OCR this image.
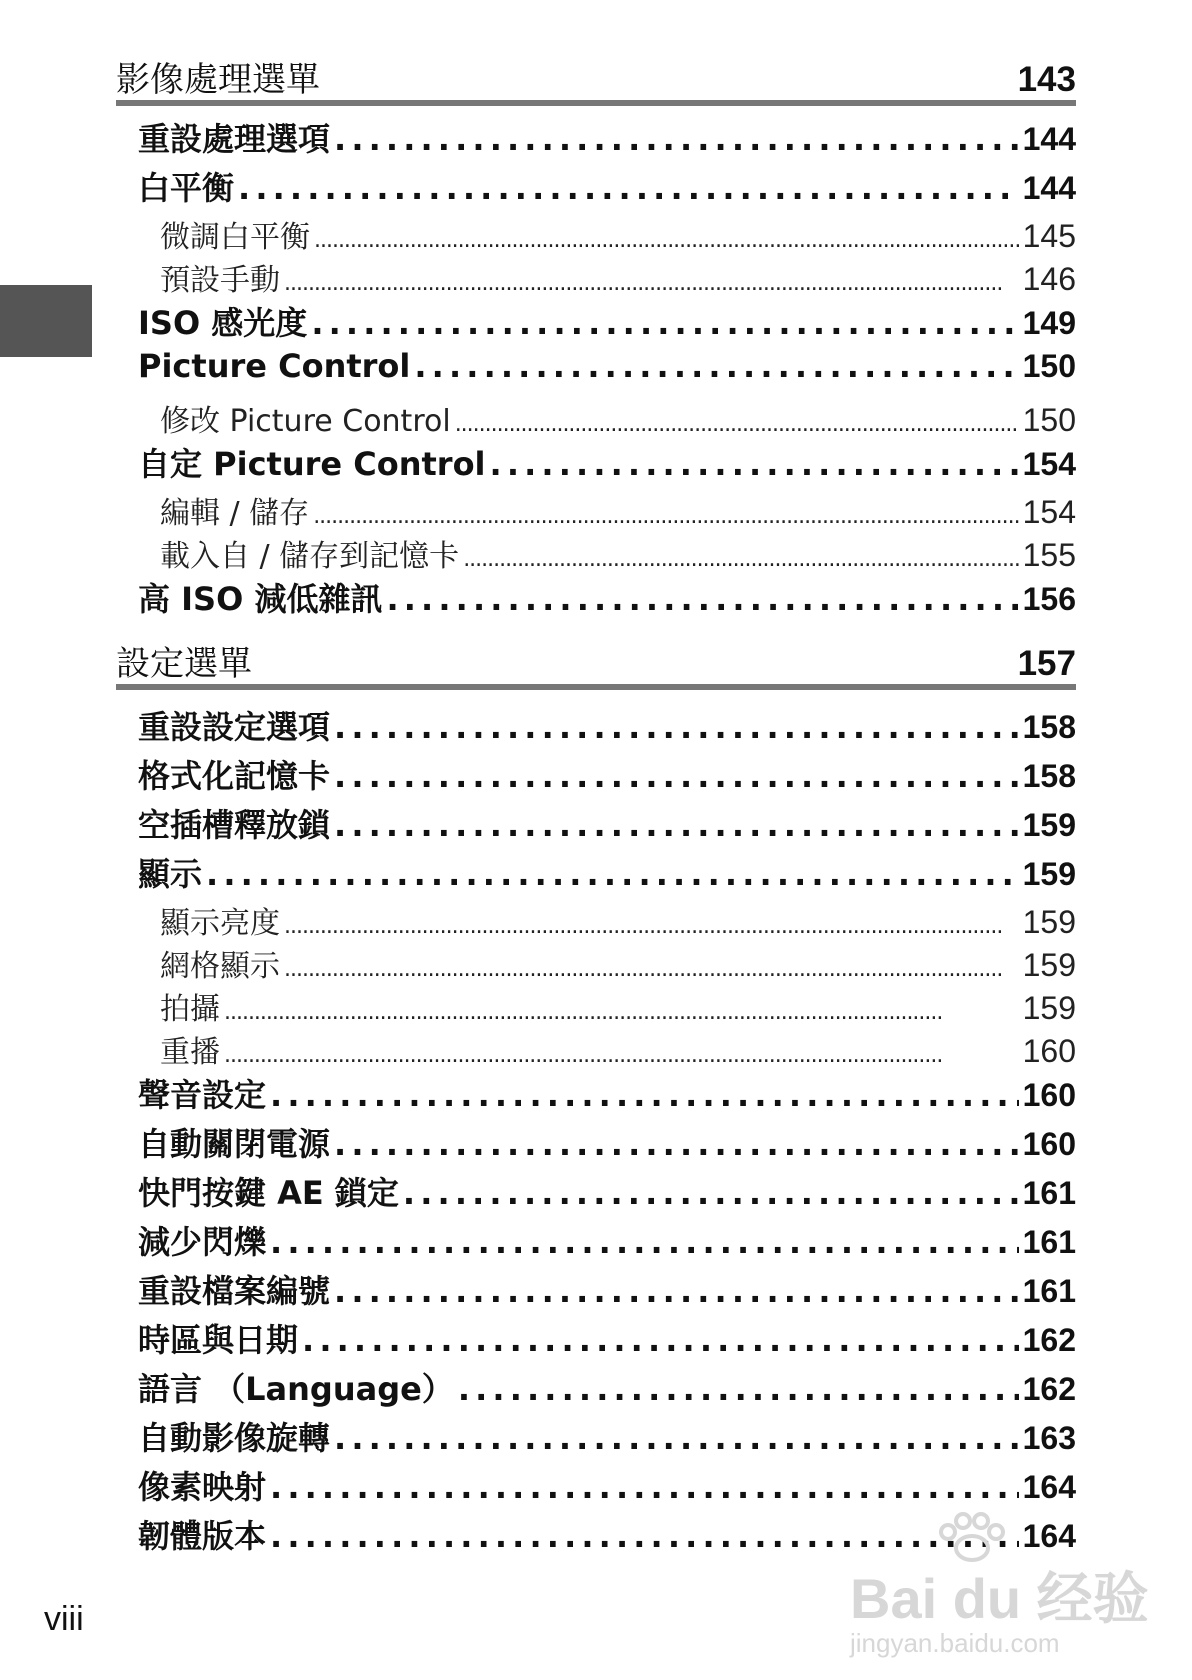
影像處理選單	143
重設處理選項 . . .	144
白平衡 . . .	144
微調白平衡 . . .	145
預設手動 . . .	146
ISO 感光度 . . .	149
Picture Control . . .	150
修改 Picture Control . . .	150
自定 Picture Control . . .	154
編輯 / 儲存 . . .	154
載入自 / 儲存到記憶卡 . . .	155
高 ISO 減低雜訊 . . .	156
設定選單	157
重設設定選項 . . .	158
格式化記憶卡 . . .	158
空插槽釋放鎖 . . .	159
顯示 . . .	159
顯示亮度 . . .	159
網格顯示 . . .	159
拍攝 . . .	159
重播 . . .	160
聲音設定 . . .	160
自動關閉電源 . . .	160
快門按鍵 AE 鎖定 . . .	161
減少閃爍 . . .	161
重設檔案編號 . . .	161
時區與日期 . . .	162
語言 （Language） . . .	162
自動影像旋轉 . . .	163
像素映射 . . .	164
韌體版本 . . .	164
viii	Bai du 经验
jingyan.baidu.com
